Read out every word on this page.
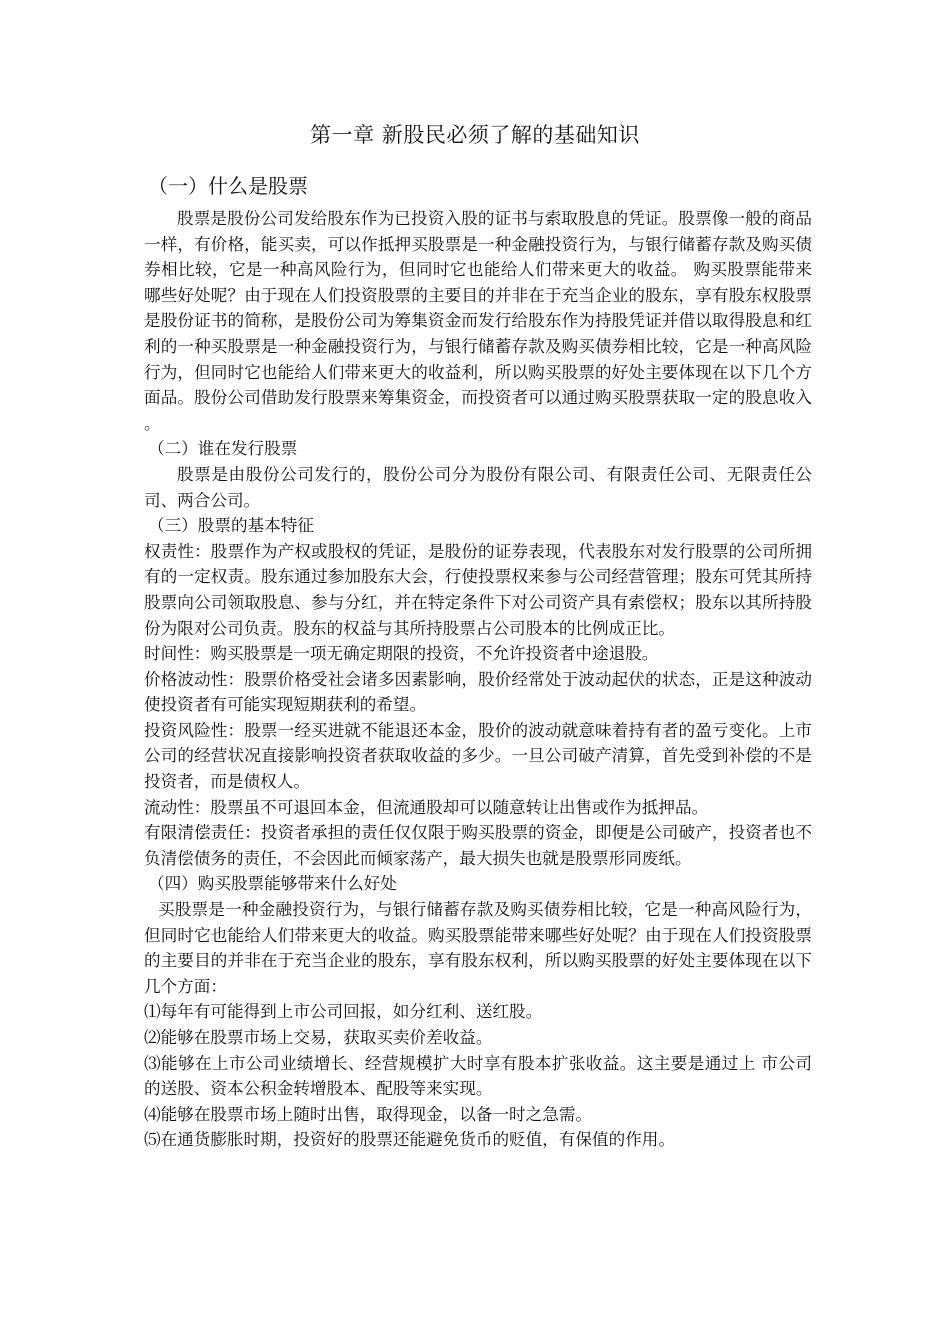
第一章 新股民必须了解的基础知识
（一）什么是股票

股票是股份公司发给股东作为已投资入股的证书与索取股息的凭证。股票像一般的商品一样，有价格，能买卖，可以作抵押买股票是一种金融投资行为，与银行储蓄存款及购买债券相比较，它是一种高风险行为，但同时它也能给人们带来更大的收益。 购买股票能带来哪些好处呢？由于现在人们投资股票的主要目的并非在于充当企业的股东，享有股东权股票是股份证书的简称，是股份公司为筹集资金而发行给股东作为持股凭证并借以取得股息和红利的一种买股票是一种金融投资行为，与银行储蓄存款及购买债券相比较，它是一种高风险行为，但同时它也能给人们带来更大的收益利，所以购买股票的好处主要体现在以下几个方面品。股份公司借助发行股票来筹集资金，而投资者可以通过购买股票获取一定的股息收入 。

（二）谁在发行股票

股票是由股份公司发行的，股份公司分为股份有限公司、有限责任公司、无限责任公司、两合公司。

（三）股票的基本特征

权责性：股票作为产权或股权的凭证，是股份的证券表现，代表股东对发行股票的公司所拥有的一定权责。股东通过参加股东大会，行使投票权来参与公司经营管理；股东可凭其所持股票向公司领取股息、参与分红，并在特定条件下对公司资产具有索偿权；股东以其所持股份为限对公司负责。股东的权益与其所持股票占公司股本的比例成正比。

时间性：购买股票是一项无确定期限的投资，不允许投资者中途退股。

价格波动性：股票价格受社会诸多因素影响，股价经常处于波动起伏的状态，正是这种波动使投资者有可能实现短期获利的希望。

投资风险性：股票一经买进就不能退还本金，股价的波动就意味着持有者的盈亏变化。上市公司的经营状况直接影响投资者获取收益的多少。一旦公司破产清算，首先受到补偿的不是投资者，而是债权人。

流动性：股票虽不可退回本金，但流通股却可以随意转让出售或作为抵押品。

有限清偿责任：投资者承担的责任仅仅限于购买股票的资金，即便是公司破产，投资者也不负清偿债务的责任，不会因此而倾家荡产，最大损失也就是股票形同废纸。

（四）购买股票能够带来什么好处

买股票是一种金融投资行为，与银行储蓄存款及购买债券相比较，它是一种高风险行为，但同时它也能给人们带来更大的收益。购买股票能带来哪些好处呢？由于现在人们投资股票的主要目的并非在于充当企业的股东，享有股东权利，所以购买股票的好处主要体现在以下几个方面：

⑴每年有可能得到上市公司回报，如分红利、送红股。

⑵能够在股票市场上交易，获取买卖价差收益。

⑶能够在上市公司业绩增长、经营规模扩大时享有股本扩张收益。这主要是通过上 市公司的送股、资本公积金转增股本、配股等来实现。

⑷能够在股票市场上随时出售，取得现金，以备一时之急需。

⑸在通货膨胀时期，投资好的股票还能避免货币的贬值，有保值的作用。
